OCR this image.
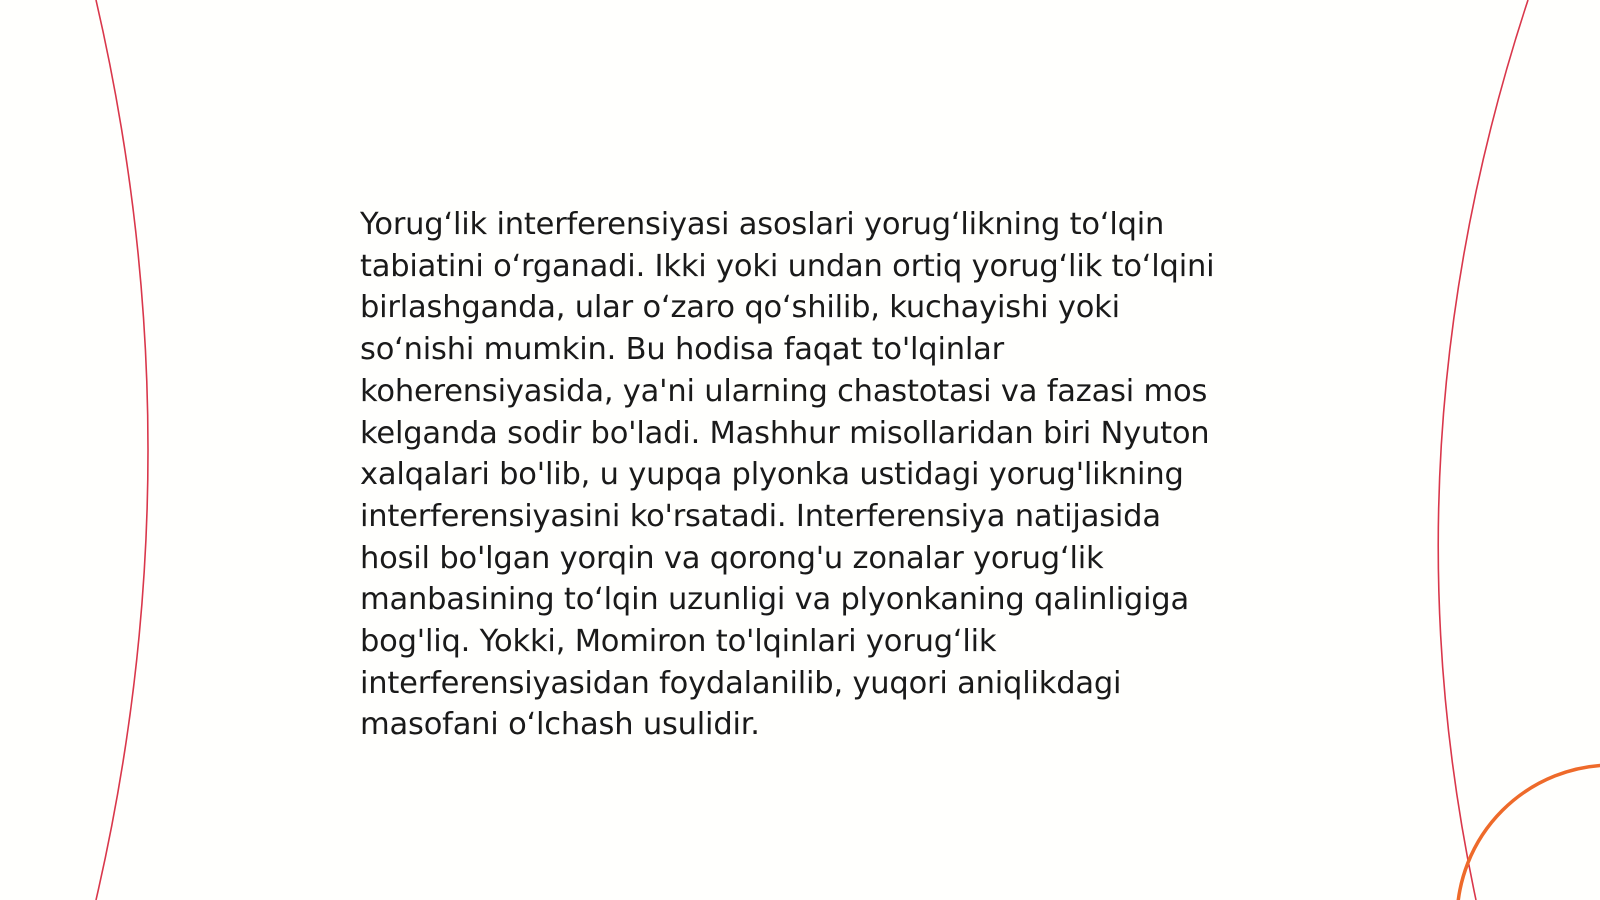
Yorug‘lik interferensiyasi asoslari yorug‘likning to‘lqin tabiatini o‘rganadi. Ikki yoki undan ortiq yorug‘lik to‘lqini birlashganda, ular o‘zaro qo‘shilib, kuchayishi yoki so‘nishi mumkin. Bu hodisa faqat to'lqinlar koherensiyasida, ya'ni ularning chastotasi va fazasi mos kelganda sodir bo'ladi. Mashhur misollaridan biri Nyuton xalqalari bo'lib, u yupqa plyonka ustidagi yorug'likning interferensiyasini ko'rsatadi. Interferensiya natijasida hosil bo'lgan yorqin va qorong'u zonalar yorug‘lik manbasining to‘lqin uzunligi va plyonkaning qalinligiga bog'liq. Yokki, Momiron to'lqinlari yorug‘lik interferensiyasidan foydalanilib, yuqori aniqlikdagi masofani o‘lchash usulidir.
